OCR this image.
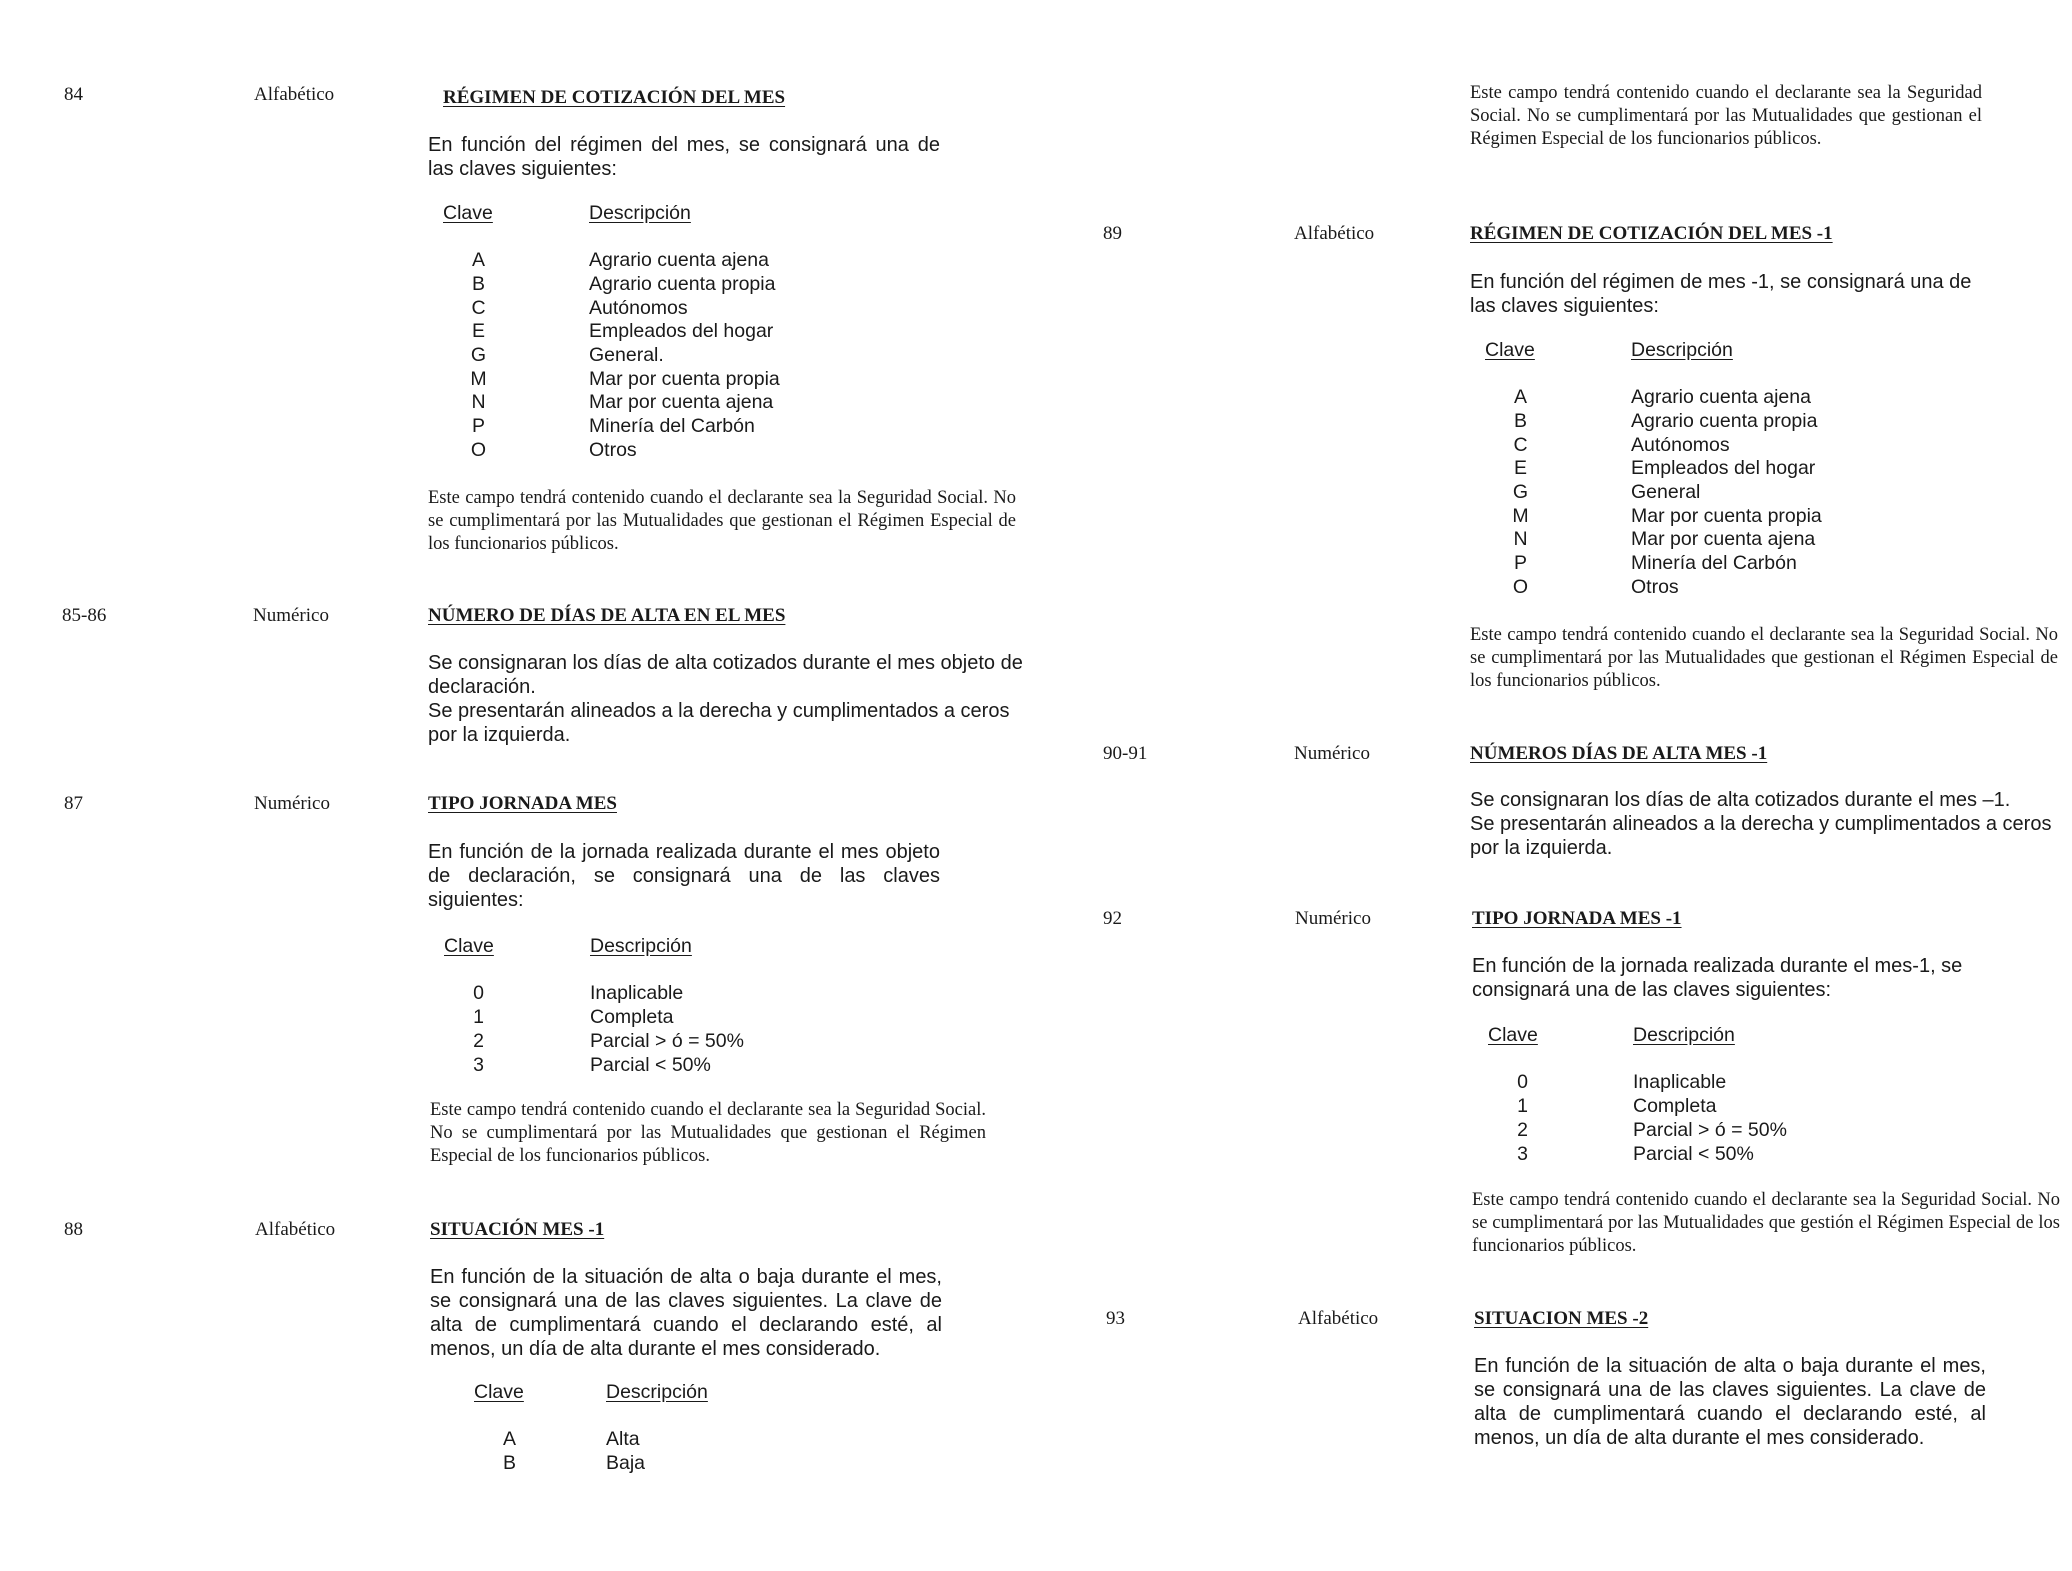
84	Alfabético	RÉGIMEN DE COTIZACIÓN DEL MES
En función del régimen del mes, se consignará una de las claves siguientes:
Clave	Descripción
A	Agrario cuenta ajena
B	Agrario cuenta propia
C	Autónomos
E	Empleados del hogar
G	General.
M	Mar por cuenta propia
N	Mar por cuenta ajena
P	Minería del Carbón
O	Otros
Este campo tendrá contenido cuando el declarante sea la Seguridad Social. No se cumplimentará por las Mutualidades que gestionan el Régimen Especial de los funcionarios públicos.
85-86	Numérico	NÚMERO DE DÍAS DE ALTA EN EL MES
Se consignaran los días de alta cotizados durante el mes objeto de declaración.
Se presentarán alineados a la derecha y cumplimentados a ceros por la izquierda.
87	Numérico	TIPO JORNADA MES
En función de la jornada realizada durante el mes objeto de declaración, se consignará una de las claves siguientes:
Clave	Descripción
0	Inaplicable
1	Completa
2	Parcial > ó = 50%
3	Parcial < 50%
Este campo tendrá contenido cuando el declarante sea la Seguridad Social. No se cumplimentará por las Mutualidades que gestionan el Régimen Especial de los funcionarios públicos.
88	Alfabético	SITUACIÓN MES -1
En función de la situación de alta o baja durante el mes, se consignará una de las claves siguientes. La clave de alta de cumplimentará cuando el declarando esté, al menos, un día de alta durante el mes considerado.
Clave	Descripción
A	Alta
B	Baja
Este campo tendrá contenido cuando el declarante sea la Seguridad Social. No se cumplimentará por las Mutualidades que gestionan el Régimen Especial de los funcionarios públicos.
89	Alfabético	RÉGIMEN DE COTIZACIÓN DEL MES -1
En función del régimen de mes -1, se consignará una de las claves siguientes:
Clave	Descripción
A	Agrario cuenta ajena
B	Agrario cuenta propia
C	Autónomos
E	Empleados del hogar
G	General
M	Mar por cuenta propia
N	Mar por cuenta ajena
P	Minería del Carbón
O	Otros
Este campo tendrá contenido cuando el declarante sea la Seguridad Social. No se cumplimentará por las Mutualidades que gestionan el Régimen Especial de los funcionarios públicos.
90-91	Numérico	NÚMEROS DÍAS DE ALTA MES -1
Se consignaran los días de alta cotizados durante el mes –1.
Se presentarán alineados a la derecha y cumplimentados a ceros por la izquierda.
92	Numérico	TIPO JORNADA MES -1
En función de la jornada realizada durante el mes-1, se consignará una de las claves siguientes:
Clave	Descripción
0	Inaplicable
1	Completa
2	Parcial > ó = 50%
3	Parcial < 50%
Este campo tendrá contenido cuando el declarante sea la Seguridad Social. No se cumplimentará por las Mutualidades que gestión el Régimen Especial de los funcionarios públicos.
93	Alfabético	SITUACION MES -2
En función de la situación de alta o baja durante el mes, se consignará una de las claves siguientes. La clave de alta de cumplimentará cuando el declarando esté, al menos, un día de alta durante el mes considerado.
